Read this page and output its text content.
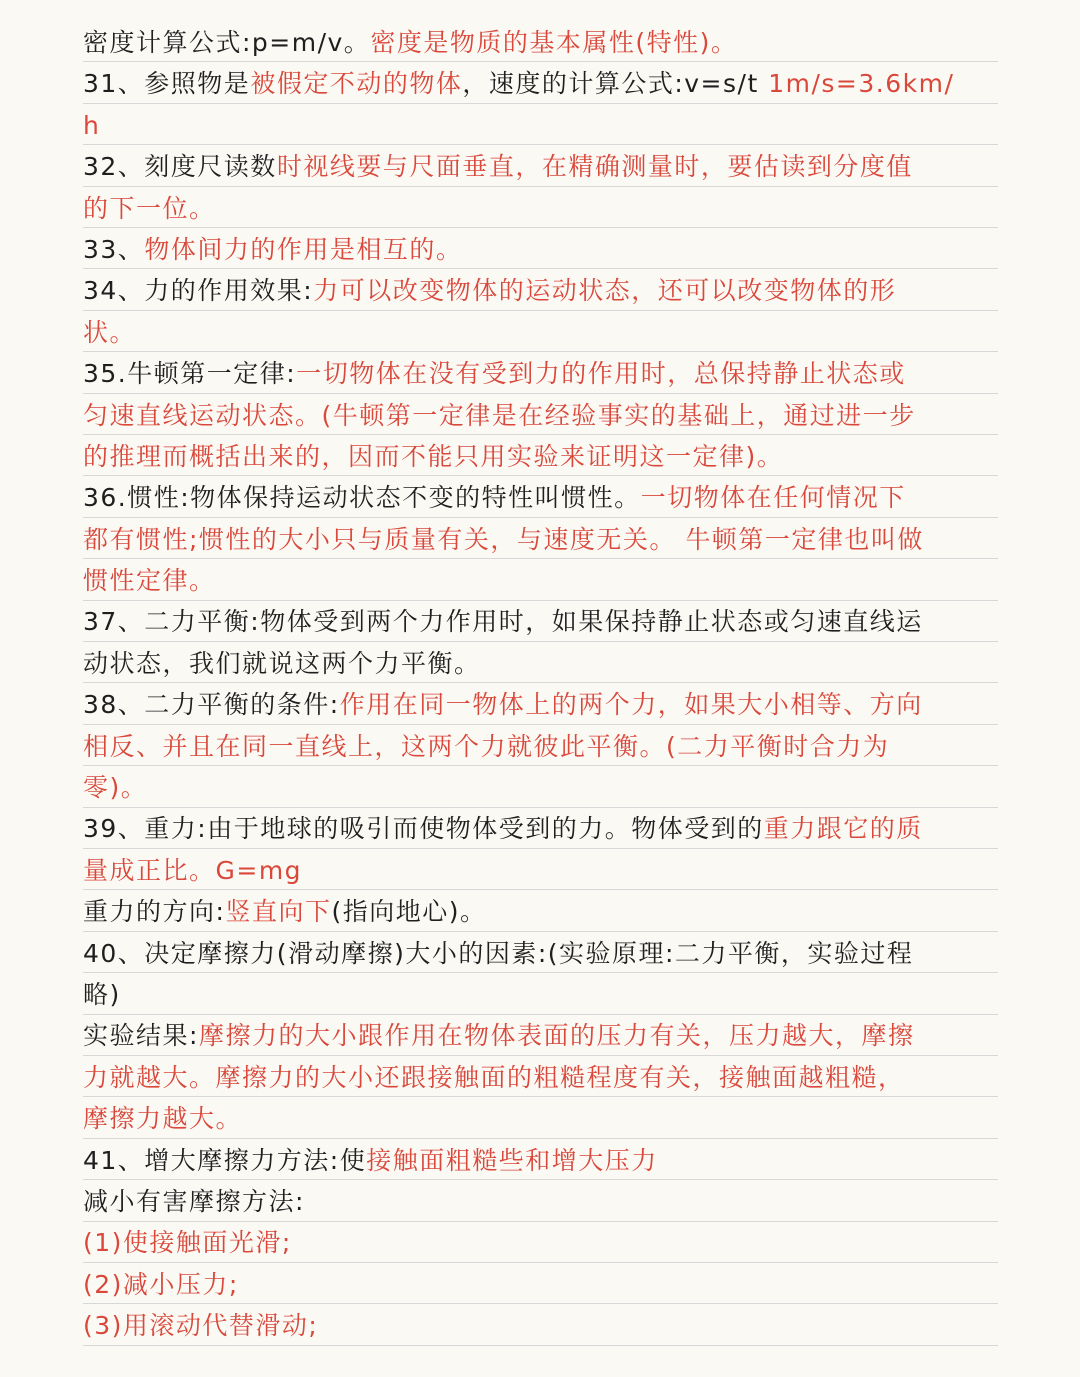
密度计算公式:p=m/v。密度是物质的基本属性(特性)。
31、参照物是被假定不动的物体，速度的计算公式:v=s/t 1m/s=3.6km/
h
32、刻度尺读数时视线要与尺面垂直，在精确测量时，要估读到分度值
的下一位。
33、物体间力的作用是相互的。
34、力的作用效果:力可以改变物体的运动状态，还可以改变物体的形
状。
35.牛顿第一定律:一切物体在没有受到力的作用时，总保持静止状态或
匀速直线运动状态。(牛顿第一定律是在经验事实的基础上，通过进一步
的推理而概括出来的，因而不能只用实验来证明这一定律)。
36.惯性:物体保持运动状态不变的特性叫惯性。一切物体在任何情况下
都有惯性;惯性的大小只与质量有关，与速度无关。 牛顿第一定律也叫做
惯性定律。
37、二力平衡:物体受到两个力作用时，如果保持静止状态或匀速直线运
动状态，我们就说这两个力平衡。
38、二力平衡的条件:作用在同一物体上的两个力，如果大小相等、方向
相反、并且在同一直线上，这两个力就彼此平衡。(二力平衡时合力为
零)。
39、重力:由于地球的吸引而使物体受到的力。物体受到的重力跟它的质
量成正比。G=mg
重力的方向:竖直向下(指向地心)。
40、决定摩擦力(滑动摩擦)大小的因素:(实验原理:二力平衡，实验过程
略)
实验结果:摩擦力的大小跟作用在物体表面的压力有关，压力越大，摩擦
力就越大。摩擦力的大小还跟接触面的粗糙程度有关，接触面越粗糙，
摩擦力越大。
41、增大摩擦力方法:使接触面粗糙些和增大压力
减小有害摩擦方法:
(1)使接触面光滑;
(2)减小压力;
(3)用滚动代替滑动;
